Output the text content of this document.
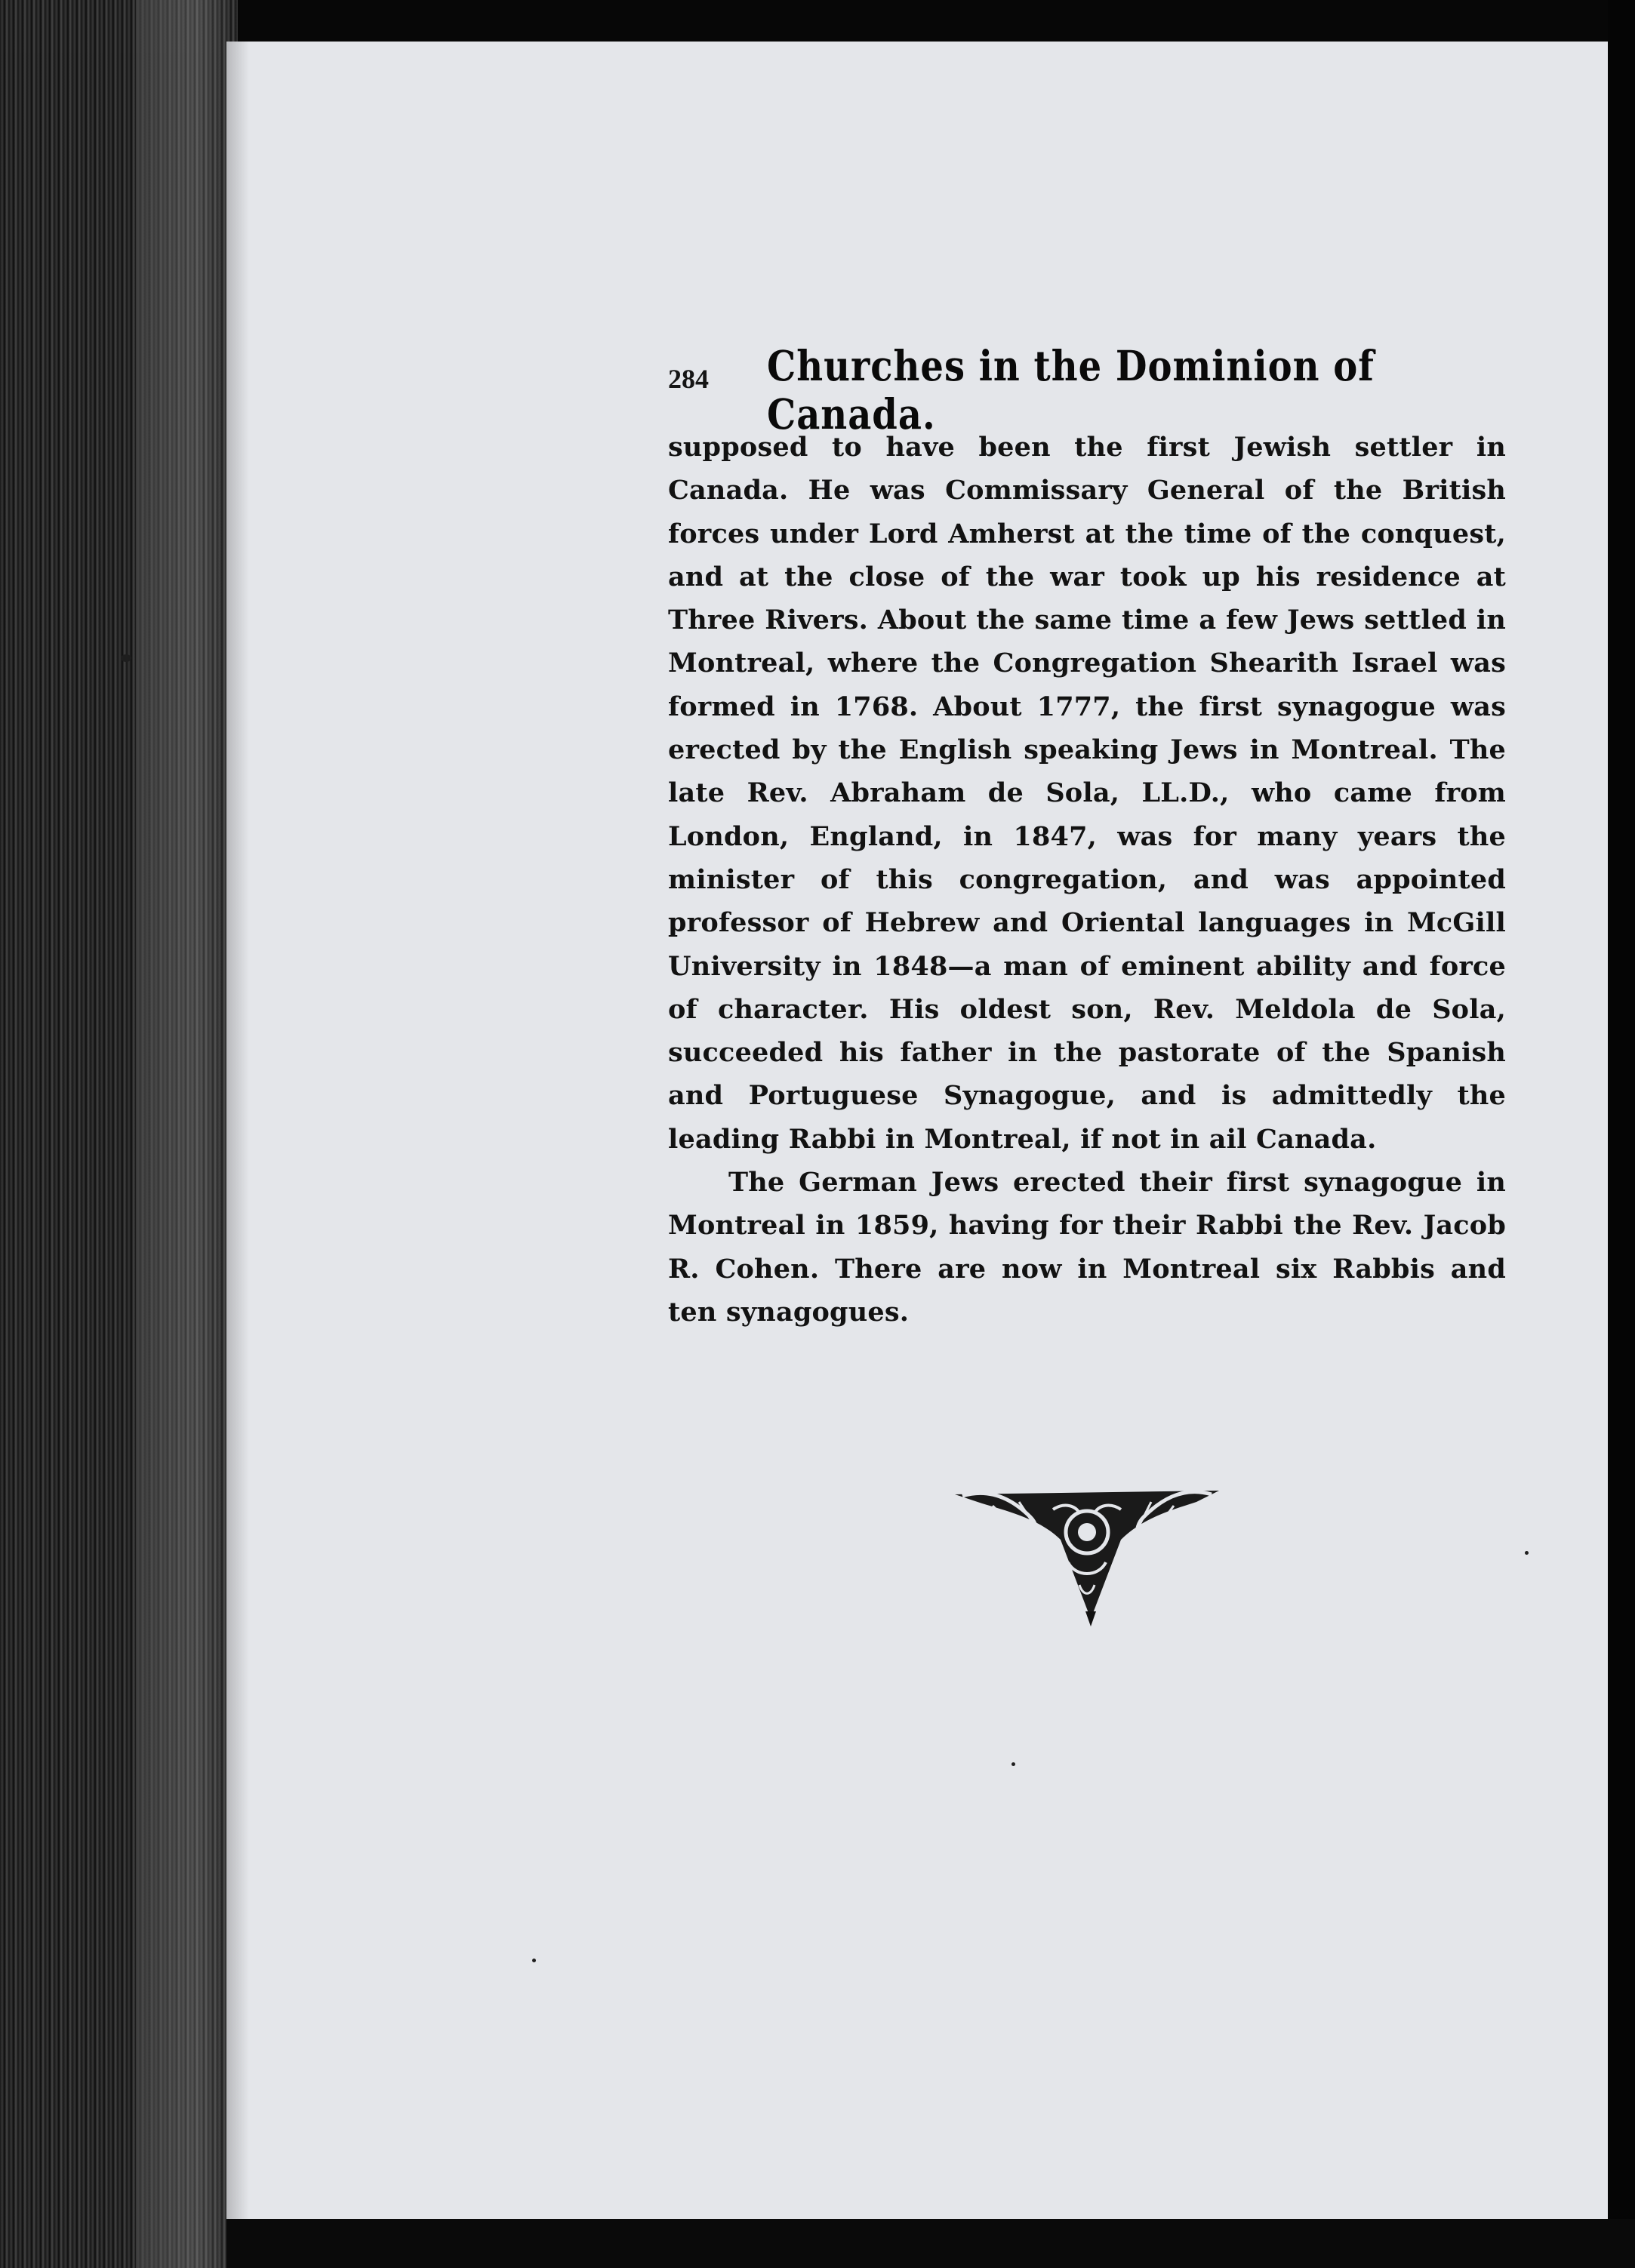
284	Churches in the Dominion of Canada.

supposed to have been the first Jewish settler in Canada. He was Commissary General of the British forces under Lord Amherst at the time of the conquest, and at the close of the war took up his residence at Three Rivers. About the same time a few Jews settled in Montreal, where the Congregation Shearith Israel was formed in 1768. About 1777, the first synagogue was erected by the English speaking Jews in Montreal. The late Rev. Abraham de Sola, LL.D., who came from London, England, in 1847, was for many years the minister of this congregation, and was appointed professor of Hebrew and Oriental languages in McGill University in 1848—a man of eminent ability and force of character. His oldest son, Rev. Meldola de Sola, succeeded his father in the pastorate of the Spanish and Portuguese Synagogue, and is admittedly the leading Rabbi in Montreal, if not in ail Canada.

The German Jews erected their first synagogue in Montreal in 1859, having for their Rabbi the Rev. Jacob R. Cohen. There are now in Montreal six Rabbis and ten synagogues.
